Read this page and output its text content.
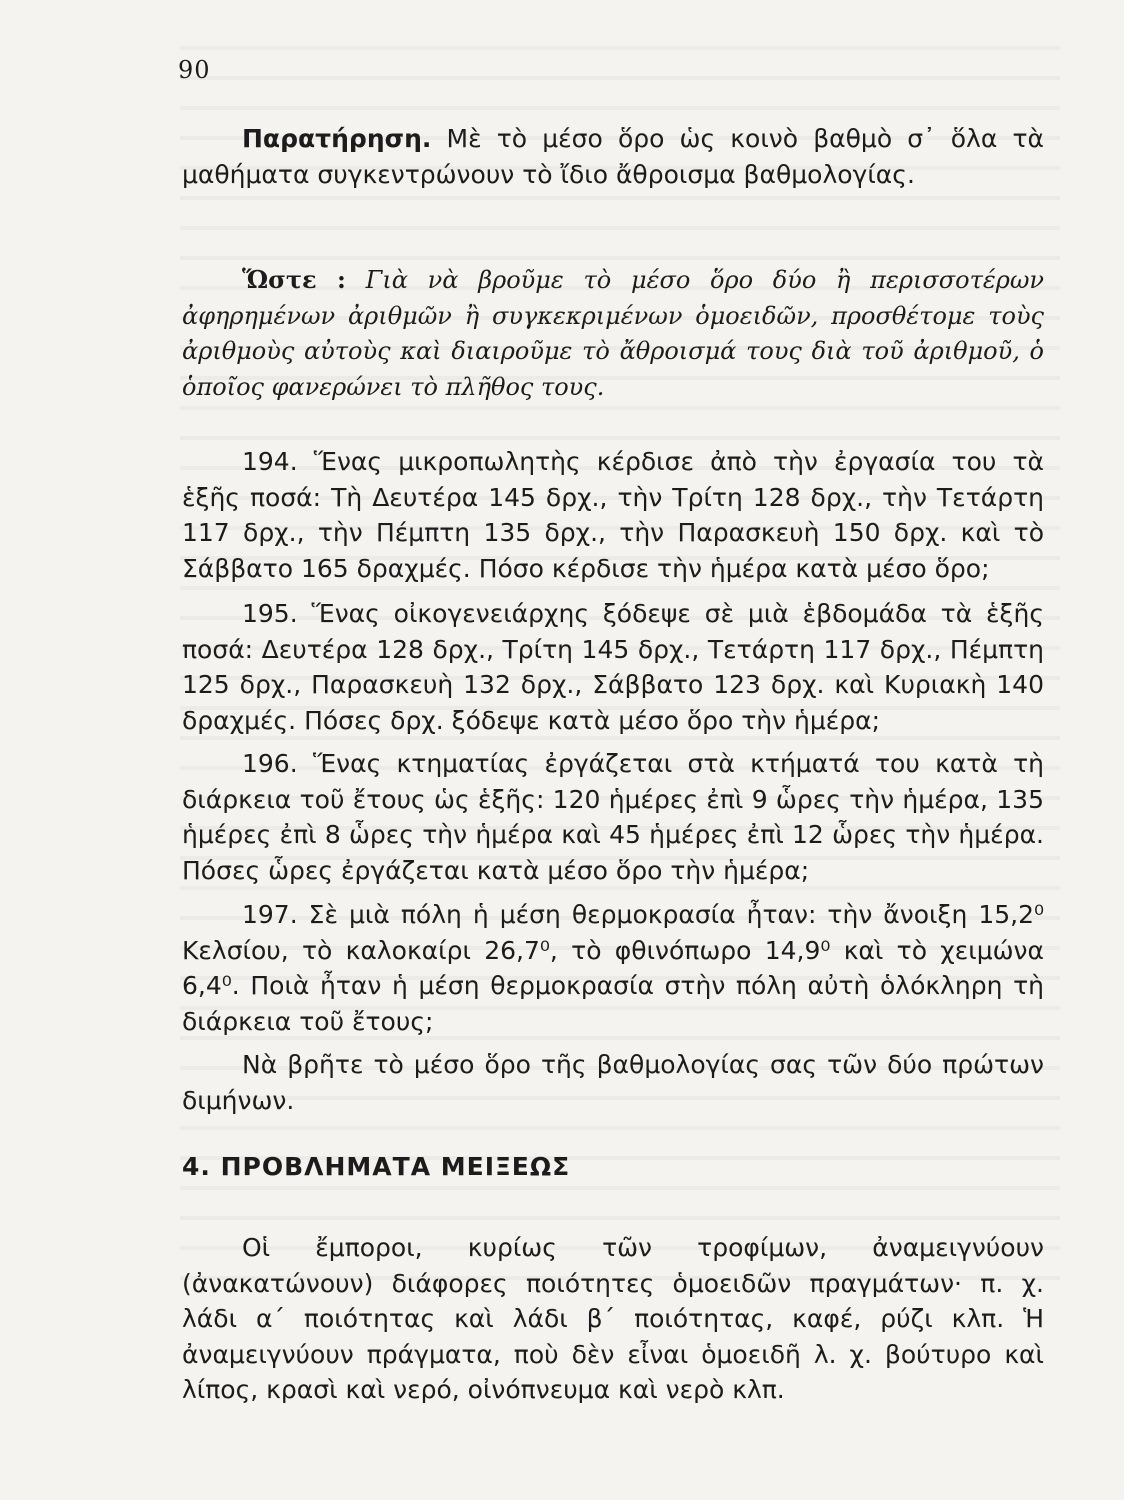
90

Παρατήρηση. Μὲ τὸ μέσο ὅρο ὡς κοινὸ βαθμὸ σ᾿ ὅλα τὰ μαθήματα συγκεντρώνουν τὸ ἴδιο ἄθροισμα βαθμολογίας.

Ὥστε : Γιὰ νὰ βροῦμε τὸ μέσο ὅρο δύο ἢ περισσοτέρων ἀφηρημένων ἀριθμῶν ἢ συγκεκριμένων ὁμοειδῶν, προσθέτομε τοὺς ἀριθμοὺς αὐτοὺς καὶ διαιροῦμε τὸ ἄθροισμά τους διὰ τοῦ ἀριθμοῦ, ὁ ὁποῖος φανερώνει τὸ πλῆθος τους.

194. Ἕνας μικροπωλητὴς κέρδισε ἀπὸ τὴν ἐργασία του τὰ ἑξῆς ποσά: Τὴ Δευτέρα 145 δρχ., τὴν Τρίτη 128 δρχ., τὴν Τετάρτη 117 δρχ., τὴν Πέμπτη 135 δρχ., τὴν Παρασκευὴ 150 δρχ. καὶ τὸ Σάββατο 165 δραχμές. Πόσο κέρδισε τὴν ἡμέρα κατὰ μέσο ὅρο;

195. Ἕνας οἰκογενειάρχης ξόδεψε σὲ μιὰ ἑβδομάδα τὰ ἑξῆς ποσά: Δευτέρα 128 δρχ., Τρίτη 145 δρχ., Τετάρτη 117 δρχ., Πέμπτη 125 δρχ., Παρασκευὴ 132 δρχ., Σάββατο 123 δρχ. καὶ Κυριακὴ 140 δραχμές. Πόσες δρχ. ξόδεψε κατὰ μέσο ὅρο τὴν ἡμέρα;

196. Ἕνας κτηματίας ἐργάζεται στὰ κτήματά του κατὰ τὴ διάρκεια τοῦ ἔτους ὡς ἑξῆς: 120 ἡμέρες ἐπὶ 9 ὧρες τὴν ἡμέρα, 135 ἡμέρες ἐπὶ 8 ὧρες τὴν ἡμέρα καὶ 45 ἡμέρες ἐπὶ 12 ὧρες τὴν ἡμέρα. Πόσες ὧρες ἐργάζεται κατὰ μέσο ὅρο τὴν ἡμέρα;

197. Σὲ μιὰ πόλη ἡ μέση θερμοκρασία ἦταν: τὴν ἄνοιξη 15,2⁰ Κελσίου, τὸ καλοκαίρι 26,7⁰, τὸ φθινόπωρο 14,9⁰ καὶ τὸ χειμώνα 6,4⁰. Ποιὰ ἦταν ἡ μέση θερμοκρασία στὴν πόλη αὐτὴ ὁλόκληρη τὴ διάρκεια τοῦ ἔτους;

Νὰ βρῆτε τὸ μέσο ὅρο τῆς βαθμολογίας σας τῶν δύο πρώτων διμήνων.

4. ΠΡΟΒΛΗΜΑΤΑ ΜΕΙΞΕΩΣ

Οἱ ἔμποροι, κυρίως τῶν τροφίμων, ἀναμειγνύουν (ἀνακατώνουν) διάφορες ποιότητες ὁμοειδῶν πραγμάτων· π. χ. λάδι α΄ ποιότητας καὶ λάδι β΄ ποιότητας, καφέ, ρύζι κλπ. Ἡ ἀναμειγνύουν πράγματα, ποὺ δὲν εἶναι ὁμοειδῆ λ. χ. βούτυρο καὶ λίπος, κρασὶ καὶ νερό, οἰνόπνευμα καὶ νερὸ κλπ.
